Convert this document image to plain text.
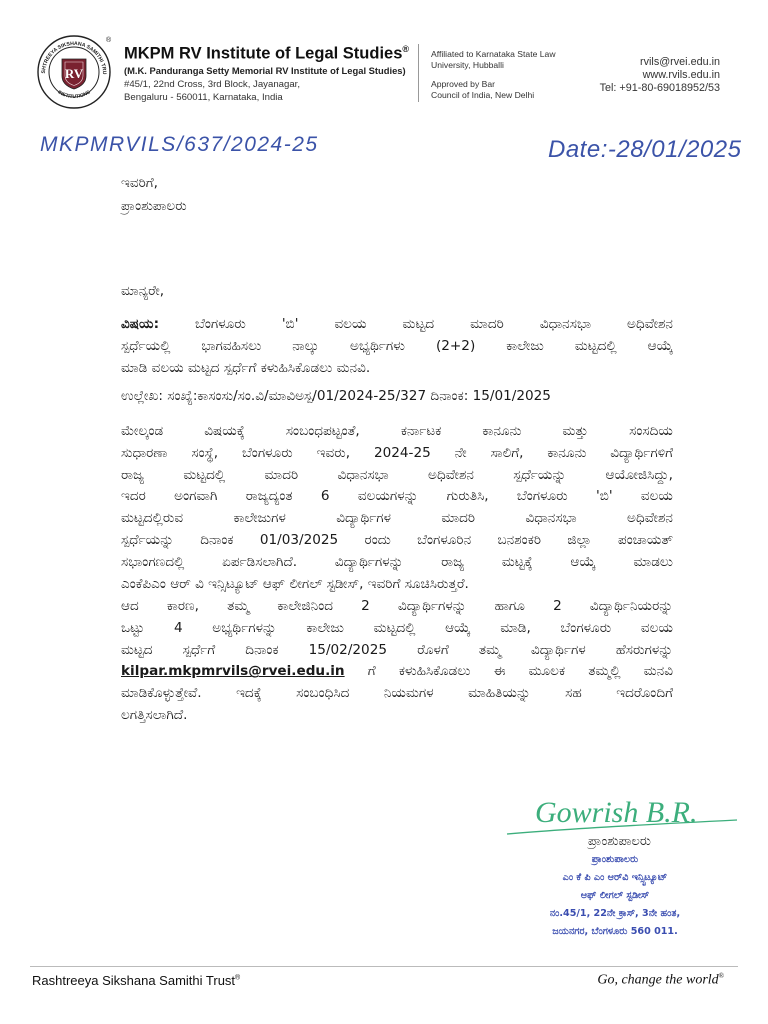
SHTREEYA SIKSHANA SAMITHI TRU
INSTITUTIONS
RV
®
MKPM RV Institute of Legal Studies®
(M.K. Panduranga Setty Memorial RV Institute of Legal Studies)
#45/1, 22nd Cross, 3rd Block, Jayanagar,
Bengaluru - 560011, Karnataka, India
Affiliated to Karnataka State Law
University, Hubballi
Approved by Bar
Council of India, New Delhi
rvils@rvei.edu.in
www.rvils.edu.in
Tel: +91-80-69018952/53
MKPMRVILS/637/2024-25	Date:-28/01/2025
ಇವರಿಗೆ,
ಪ್ರಾಂಶುಪಾಲರು
ಮಾನ್ಯರೇ,
ವಿಷಯ: ಬೆಂಗಳೂರು 'ಬಿ' ವಲಯ ಮಟ್ಟದ ಮಾದರಿ ವಿಧಾನಸಭಾ ಅಧಿವೇಶನ
ಸ್ಪರ್ಧೆಯಲ್ಲಿ ಭಾಗವಹಿಸಲು ನಾಲ್ಕು ಅಭ್ಯರ್ಥಿಗಳು (2+2) ಕಾಲೇಜು ಮಟ್ಟದಲ್ಲಿ ಆಯ್ಕೆ
ಮಾಡಿ ವಲಯ ಮಟ್ಟದ ಸ್ಪರ್ಧೆಗೆ ಕಳುಹಿಸಿಕೊಡಲು ಮನವಿ.
ಉಲ್ಲೇಖ: ಸಂಖ್ಯೆ:ಕಾಸಂಸು/ಸಂ.ವಿ/ಮಾವಿಅಸ್ಪ/01/2024-25/327 ದಿನಾಂಕ: 15/01/2025
ಮೇಲ್ಕಂಡ ವಿಷಯಕ್ಕೆ ಸಂಬಂಧಪಟ್ಟಂತೆ, ಕರ್ನಾಟಕ ಕಾನೂನು ಮತ್ತು ಸಂಸದಿಯ
ಸುಧಾರಣಾ ಸಂಸ್ಥೆ, ಬೆಂಗಳೂರು ಇವರು, 2024-25 ನೇ ಸಾಲಿಗೆ, ಕಾನೂನು ವಿದ್ಯಾರ್ಥಿಗಳಿಗೆ
ರಾಜ್ಯ ಮಟ್ಟದಲ್ಲಿ ಮಾದರಿ ವಿಧಾನಸಭಾ ಅಧಿವೇಶನ ಸ್ಪರ್ಧೆಯನ್ನು ಆಯೋಜಿಸಿದ್ದು,
ಇದರ ಅಂಗವಾಗಿ ರಾಜ್ಯದ್ಯಂತ 6 ವಲಯಗಳನ್ನು ಗುರುತಿಸಿ, ಬೆಂಗಳೂರು 'ಬಿ' ವಲಯ
ಮಟ್ಟದಲ್ಲಿರುವ ಕಾಲೇಜುಗಳ ವಿದ್ಯಾರ್ಥಿಗಳ ಮಾದರಿ ವಿಧಾನಸಭಾ ಅಧಿವೇಶನ
ಸ್ಪರ್ಧೆಯನ್ನು ದಿನಾಂಕ 01/03/2025 ರಂದು ಬೆಂಗಳೂರಿನ ಬನಶಂಕರಿ ಜಿಲ್ಲಾ ಪಂಚಾಯತ್
ಸಭಾಂಗಣದಲ್ಲಿ ಏರ್ಪಡಿಸಲಾಗಿದೆ. ವಿದ್ಯಾರ್ಥಿಗಳನ್ನು ರಾಜ್ಯ ಮಟ್ಟಕ್ಕೆ ಆಯ್ಕೆ ಮಾಡಲು
ಎಂಕೆಪಿಎಂ ಆರ್ ವಿ ಇನ್ಸಿಟ್ಯೂಟ್ ಆಫ್ ಲೀಗಲ್ ಸ್ಟಡೀಸ್, ಇವರಿಗೆ ಸೂಚಿಸಿರುತ್ತರೆ.
ಆದ ಕಾರಣ, ತಮ್ಮ ಕಾಲೇಜಿನಿಂದ 2 ವಿದ್ಯಾರ್ಥಿಗಳನ್ನು ಹಾಗೂ 2 ವಿದ್ಯಾರ್ಥಿನಿಯರನ್ನು
ಒಟ್ಟು 4 ಅಭ್ಯರ್ಥಿಗಳನ್ನು ಕಾಲೇಜು ಮಟ್ಟದಲ್ಲಿ ಆಯ್ಕೆ ಮಾಡಿ, ಬೆಂಗಳೂರು ವಲಯ
ಮಟ್ಟದ ಸ್ಪರ್ಧೆಗೆ ದಿನಾಂಕ 15/02/2025 ರೊಳಗೆ ತಮ್ಮ ವಿದ್ಯಾರ್ಥಿಗಳ ಹೆಸರುಗಳನ್ನು
kilpar.mkpmrvils@rvei.edu.in ಗೆ ಕಳುಹಿಸಿಕೊಡಲು ಈ ಮೂಲಕ ತಮ್ಮಲ್ಲಿ ಮನವಿ
ಮಾಡಿಕೊಳ್ಳುತ್ತೇವೆ. ಇದಕ್ಕೆ ಸಂಬಂಧಿಸಿದ ನಿಯಮಗಳ ಮಾಹಿತಿಯನ್ನು ಸಹ ಇದರೊಂದಿಗೆ
ಲಗತ್ತಿಸಲಾಗಿದೆ.
Gowrish B.R.
ಪ್ರಾಂಶುಪಾಲರು
ಪ್ರಾಂಶುಪಾಲರು
ಎಂ ಕೆ ಪಿ ಎಂ ಆರ್‌ವಿ ಇನ್ಸ್ಟಿಟ್ಯೂಟ್
ಆಫ್ ಲೀಗಲ್ ಸ್ಟಡೀಸ್
ನಂ.45/1, 22ನೇ ಕ್ರಾಸ್, 3ನೇ ಹಂತ,
ಜಯನಗರ, ಬೆಂಗಳೂರು 560 011.
Rashtreeya Sikshana Samithi Trust®	Go, change the world®
